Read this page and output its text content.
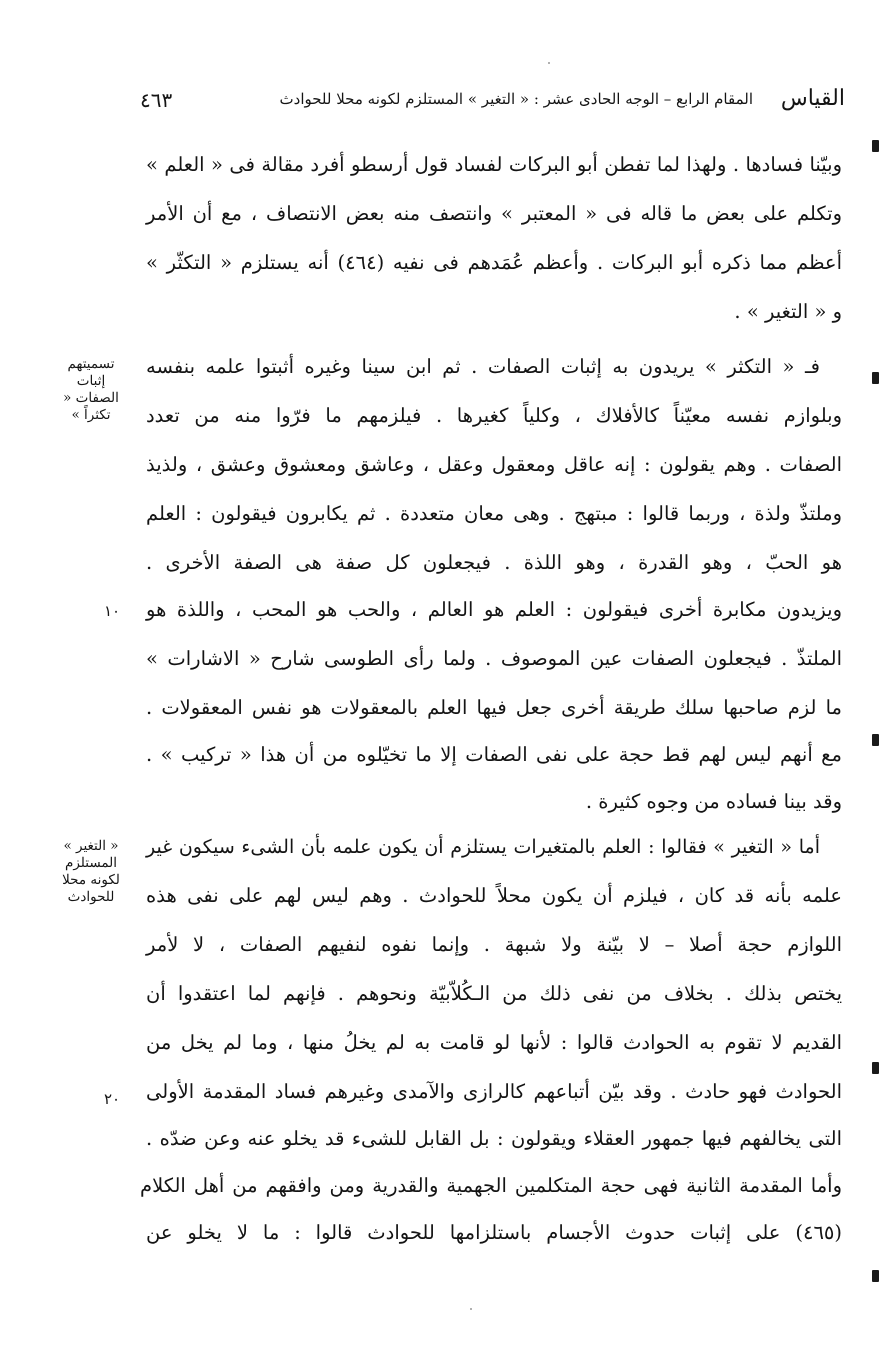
القياس
المقام الرابع – الوجه الحادى عشر : « التغير » المستلزم لكونه محلا للحوادث
٤٦٣
وبيّنا فسادها . ولهذا لما تفطن أبو البركات لفساد قول أرسطو أفرد مقالة فى « العلم »
وتكلم على بعض ما قاله فى « المعتبر » وانتصف منه بعض الانتصاف ، مع أن الأمر
أعظم مما ذكره أبو البركات . وأعظم عُمَدهم فى نفيه (٤٦٤) أنه يستلزم « التكثّر »
و « التغير » .
فـ « التكثر » يريدون به إثبات الصفات . ثم ابن سينا وغيره أثبتوا علمه بنفسه
وبلوازم نفسه معيّناً كالأفلاك ، وكلياً كغيرها . فيلزمهم ما فرّوا منه من تعدد
الصفات . وهم يقولون : إنه عاقل ومعقول وعقل ، وعاشق ومعشوق وعشق ، ولذيذ
وملتذّ ولذة ، وربما قالوا : مبتهج . وهى معان متعددة . ثم يكابرون فيقولون : العلم
هو الحبّ ، وهو القدرة ، وهو اللذة . فيجعلون كل صفة هى الصفة الأخرى .
ويزيدون مكابرة أخرى فيقولون : العلم هو العالم ، والحب هو المحب ، واللذة هو
الملتذّ . فيجعلون الصفات عين الموصوف . ولما رأى الطوسى شارح « الاشارات »
ما لزم صاحبها سلك طريقة أخرى جعل فيها العلم بالمعقولات هو نفس المعقولات .
مع أنهم ليس لهم قط حجة على نفى الصفات إلا ما تخيّلوه من أن هذا « تركيب » .
وقد بينا فساده من وجوه كثيرة .
أما « التغير » فقالوا : العلم بالمتغيرات يستلزم أن يكون علمه بأن الشىء سيكون غير
علمه بأنه قد كان ، فيلزم أن يكون محلاً للحوادث . وهم ليس لهم على نفى هذه
اللوازم حجة أصلا – لا بيّنة ولا شبهة . وإنما نفوه لنفيهم الصفات ، لا لأمر
يختص بذلك . بخلاف من نفى ذلك من الـكُلاّبيّة ونحوهم . فإنهم لما اعتقدوا أن
القديم لا تقوم به الحوادث قالوا : لأنها لو قامت به لم يخلُ منها ، وما لم يخل من
الحوادث فهو حادث . وقد بيّن أتباعهم كالرازى والآمدى وغيرهم فساد المقدمة الأولى
التى يخالفهم فيها جمهور العقلاء ويقولون : بل القابل للشىء قد يخلو عنه وعن ضدّه .
وأما المقدمة الثانية فهى حجة المتكلمين الجهمية والقدرية ومن وافقهم من أهل الكلام
(٤٦٥) على إثبات حدوث الأجسام باستلزامها للحوادث قالوا : ما لا يخلو عن
تسميتهم إثبات الصفات « تكثراً »
« التغير » المستلزم لكونه محلا للحوادث
١٠
٢٠
